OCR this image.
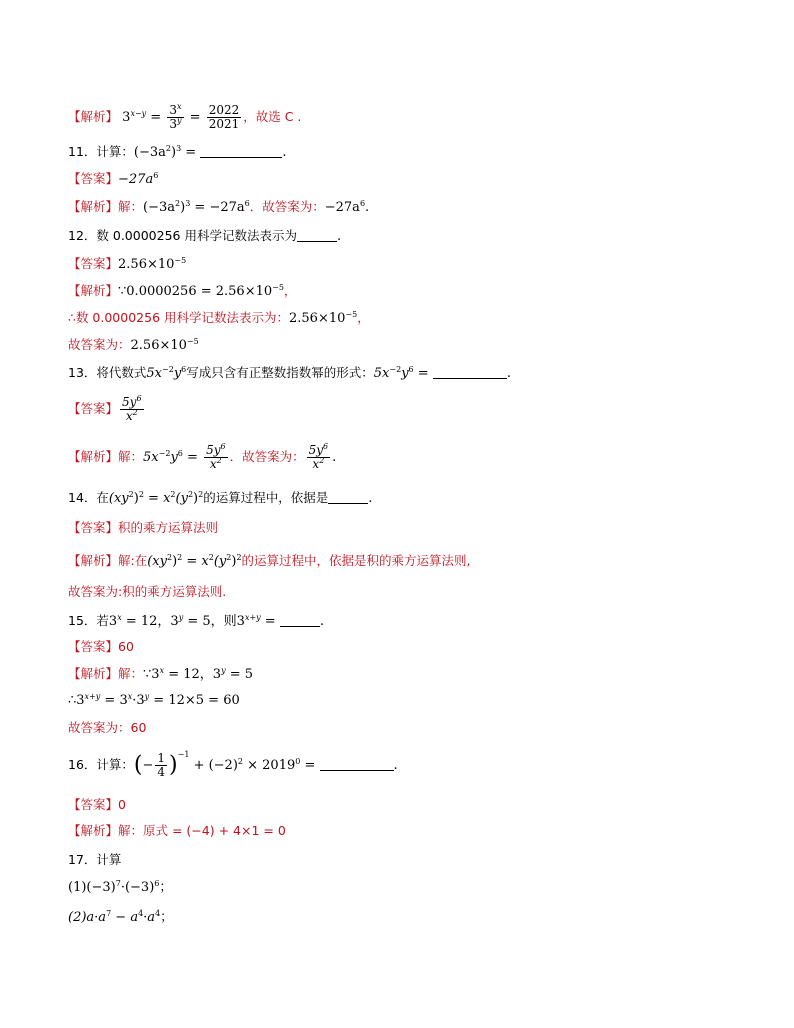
【解析】 $3^{x-y} = \frac{3^x}{3^y} = \frac{2022}{2021}$ ，故选 C .
11．计算：$(-3a^2)^3$ =	.
【答案】$-27a^6$
【解析】解：$(-3a^2)^3 = -27a^6$．故答案为：$-27a^6$.
12．数 0.0000256 用科学记数法表示为	.
【答案】$2.56\times 10^{-5}$
【解析】∵0.0000256 = $2.56\times 10^{-5}$，
∴数 0.0000256 用科学记数法表示为：$2.56\times 10^{-5}$，
故答案为：$2.56\times 10^{-5}$
13．将代数式$5x^{-2}y^6$写成只含有正整数指数幂的形式：$5x^{-2}y^6$ =	.
【答案】 $\frac{5y^6}{x^2}$
【解析】解：$5x^{-2}y^6 = \frac{5y^6}{x^2}$ ．故答案为： $\frac{5y^6}{x^2}$ .
14．在$(xy^2)^2 = x^2(y^2)^2$的运算过程中，依据是	.
【答案】积的乘方运算法则
【解析】解:在$(xy^2)^2 = x^2(y^2)^2$的运算过程中，依据是积的乘方运算法则,
故答案为:积的乘方运算法则.
15．若$3^x = 12$，$3^y = 5$，则$3^{x+y}$ =	.
【答案】60
【解析】解：$\because 3^x = 12$，$3^y = 5$
$\therefore 3^{x+y} = 3^x\cdot 3^y = 12\times 5 = 60$
故答案为：60
16．计算：(− $\frac{1}{4} )^{-1} + (-2)^2 \times 2019^0$ =	.
【答案】0
【解析】解：原式 = (−4) + 4×1 = 0
17．计算
$(1)(-3)^7\cdot(-3)^6$；
$(2)a\cdot a^7 - a^4\cdot a^4$；
